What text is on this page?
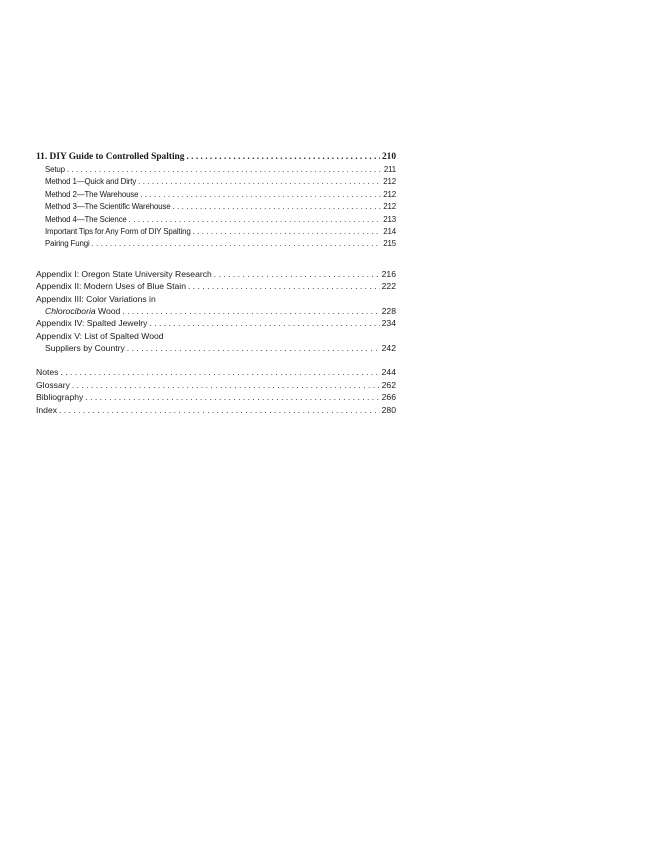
11. DIY Guide to Controlled Spalting . . .	210
Setup . . .	211
Method 1—Quick and Dirty . . .	212
Method 2—The Warehouse . . .	212
Method 3—The Scientific Warehouse . . .	212
Method 4—The Science . . .	213
Important Tips for Any Form of DIY Spalting . . .	214
Pairing Fungi . . .	215
Appendix I: Oregon State University Research . . .	216
Appendix II: Modern Uses of Blue Stain . . .	222
Appendix III: Color Variations in
Chlorociboria Wood . . .	228
Appendix IV: Spalted Jewelry . . .	234
Appendix V: List of Spalted Wood
Suppliers by Country . . .	242
Notes . . .	244
Glossary . . .	262
Bibliography . . .	266
Index . . .	280
